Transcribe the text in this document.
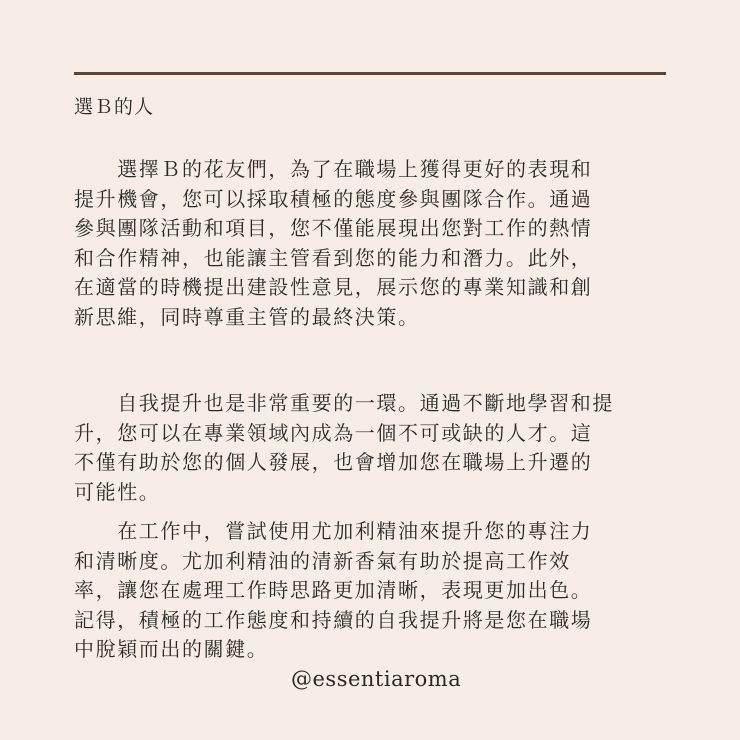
選Ｂ的人

　　選擇Ｂ的花友們，為了在職場上獲得更好的表現和
提升機會，您可以採取積極的態度參與團隊合作。通過
參與團隊活動和項目，您不僅能展現出您對工作的熱情
和合作精神，也能讓主管看到您的能力和潛力。此外，
在適當的時機提出建設性意見，展示您的專業知識和創
新思維，同時尊重主管的最終決策。

　　自我提升也是非常重要的一環。通過不斷地學習和提
升，您可以在專業領域內成為一個不可或缺的人才。這
不僅有助於您的個人發展，也會增加您在職場上升遷的
可能性。

　　在工作中，嘗試使用尤加利精油來提升您的專注力
和清晰度。尤加利精油的清新香氣有助於提高工作效
率，讓您在處理工作時思路更加清晰，表現更加出色。
記得，積極的工作態度和持續的自我提升將是您在職場
中脫穎而出的關鍵。

@essentiaroma
